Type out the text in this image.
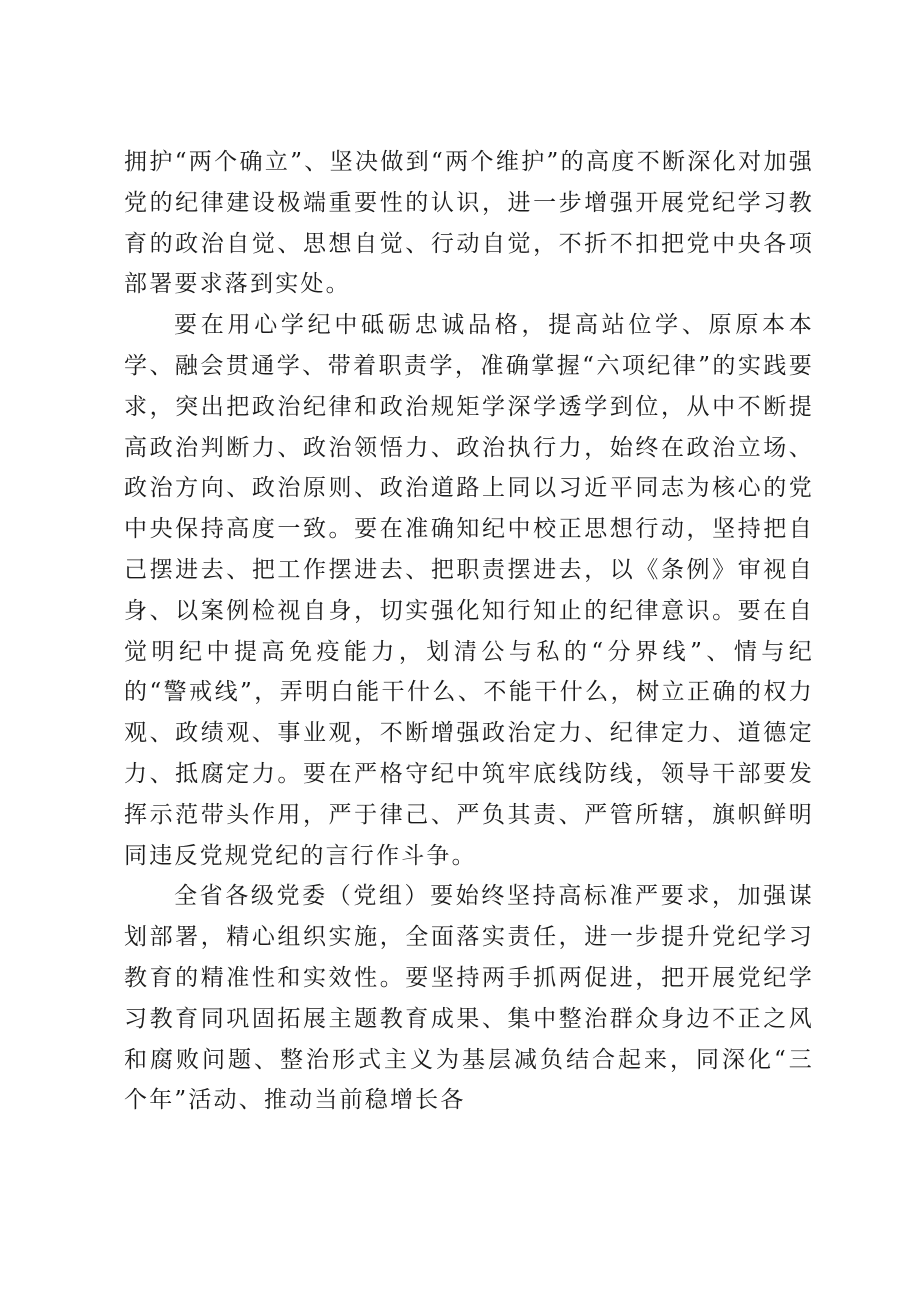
拥护“两个确立”、坚决做到“两个维护”的高度不断深化对加强党的纪律建设极端重要性的认识，进一步增强开展党纪学习教育的政治自觉、思想自觉、行动自觉，不折不扣把党中央各项部署要求落到实处。

要在用心学纪中砥砺忠诚品格，提高站位学、原原本本学、融会贯通学、带着职责学，准确掌握“六项纪律”的实践要求，突出把政治纪律和政治规矩学深学透学到位，从中不断提高政治判断力、政治领悟力、政治执行力，始终在政治立场、政治方向、政治原则、政治道路上同以习近平同志为核心的党中央保持高度一致。要在准确知纪中校正思想行动，坚持把自己摆进去、把工作摆进去、把职责摆进去，以《条例》审视自身、以案例检视自身，切实强化知行知止的纪律意识。要在自觉明纪中提高免疫能力，划清公与私的“分界线”、情与纪的“警戒线”，弄明白能干什么、不能干什么，树立正确的权力观、政绩观、事业观，不断增强政治定力、纪律定力、道德定力、抵腐定力。要在严格守纪中筑牢底线防线，领导干部要发挥示范带头作用，严于律己、严负其责、严管所辖，旗帜鲜明同违反党规党纪的言行作斗争。

全省各级党委（党组）要始终坚持高标准严要求，加强谋划部署，精心组织实施，全面落实责任，进一步提升党纪学习教育的精准性和实效性。要坚持两手抓两促进，把开展党纪学习教育同巩固拓展主题教育成果、集中整治群众身边不正之风和腐败问题、整治形式主义为基层减负结合起来，同深化“三个年”活动、推动当前稳增长各
